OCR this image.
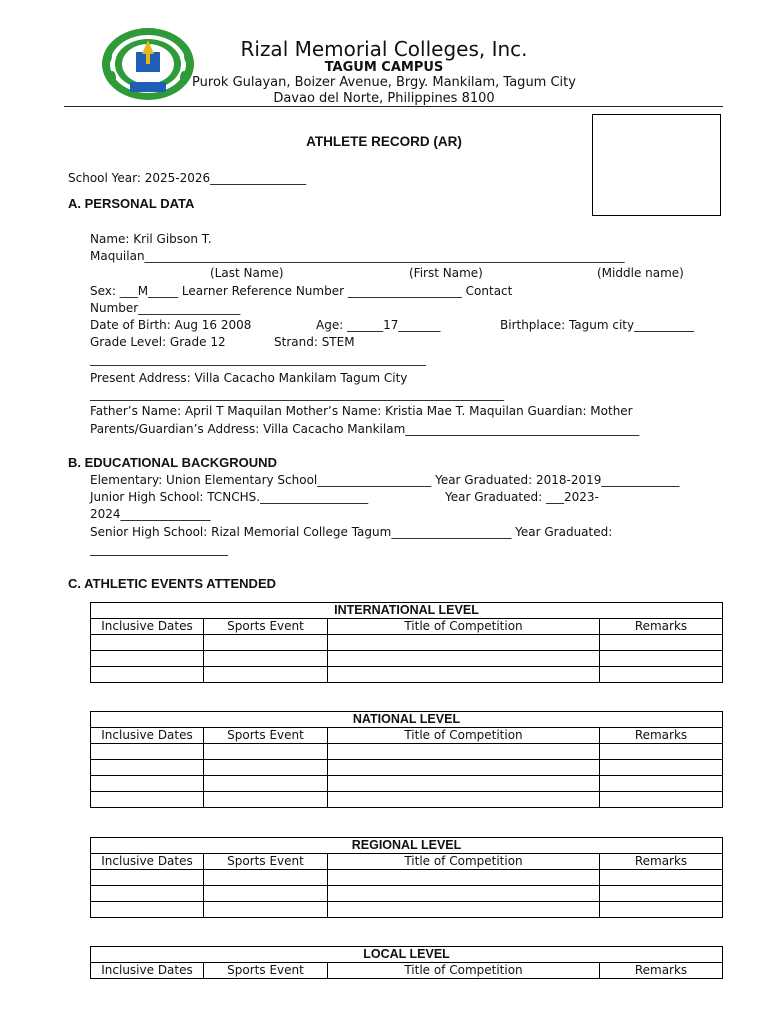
Rizal Memorial Colleges, Inc.
TAGUM CAMPUS
Purok Gulayan, Boizer Avenue, Brgy. Mankilam, Tagum City
Davao del Norte, Philippines 8100
ATHLETE RECORD (AR)
School Year: 2025-2026________________
A. PERSONAL DATA
Name: Kril Gibson T.
Maquilan________________________________________________________________________________
(Last Name)	(First Name)	(Middle name)
Sex: ___M_____ Learner Reference Number ___________________ Contact
Number_________________
Date of Birth: Aug 16 2008	Age: ______17_______	Birthplace: Tagum city__________
Grade Level: Grade 12	Strand: STEM
________________________________________________________
Present Address: Villa Cacacho Mankilam Tagum City
_____________________________________________________________________
Father’s Name: April T Maquilan Mother’s Name: Kristia Mae T. Maquilan Guardian: Mother
Parents/Guardian’s Address: Villa Cacacho Mankilam_______________________________________
B. EDUCATIONAL BACKGROUND
Elementary: Union Elementary School___________________ Year Graduated: 2018-2019_____________
Junior High School: TCNCHS.__________________	Year Graduated: ___2023-
2024_______________
Senior High School: Rizal Memorial College Tagum____________________ Year Graduated:
_______________________
C. ATHLETIC EVENTS ATTENDED
INTERNATIONAL LEVEL			
Inclusive Dates	Sports Event	Title of Competition	Remarks

NATIONAL LEVEL			
Inclusive Dates	Sports Event	Title of Competition	Remarks

REGIONAL LEVEL			
Inclusive Dates	Sports Event	Title of Competition	Remarks

LOCAL LEVEL
Inclusive Dates	Sports Event	Title of Competition	Remarks
